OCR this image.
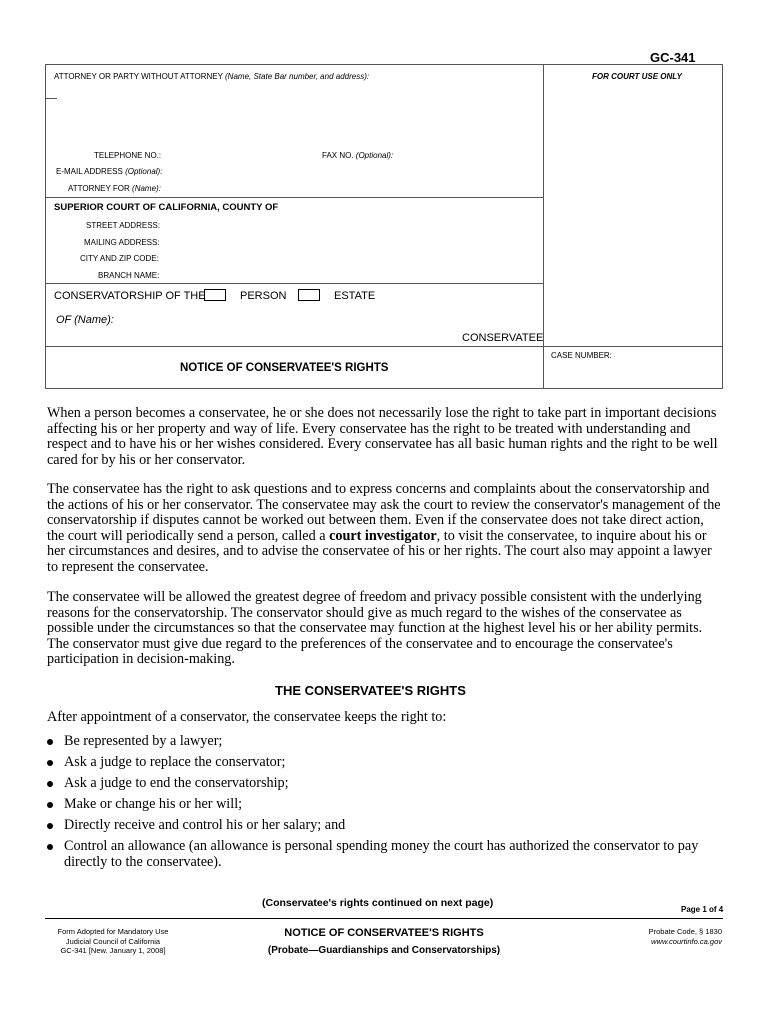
GC-341
ATTORNEY OR PARTY WITHOUT ATTORNEY (Name, State Bar number, and address):	FOR COURT USE ONLY
TELEPHONE NO.:	FAX NO. (Optional):
E-MAIL ADDRESS (Optional):
ATTORNEY FOR (Name):
SUPERIOR COURT OF CALIFORNIA, COUNTY OF
STREET ADDRESS:
MAILING ADDRESS:
CITY AND ZIP CODE:
BRANCH NAME:
CONSERVATORSHIP OF THE	PERSON	ESTATE
OF (Name):
CONSERVATEE
NOTICE OF CONSERVATEE'S RIGHTS
CASE NUMBER:
When a person becomes a conservatee, he or she does not necessarily lose the right to take part in important decisions affecting his or her property and way of life. Every conservatee has the right to be treated with understanding and respect and to have his or her wishes considered. Every conservatee has all basic human rights and the right to be well cared for by his or her conservator.
The conservatee has the right to ask questions and to express concerns and complaints about the conservatorship and the actions of his or her conservator. The conservatee may ask the court to review the conservator's management of the conservatorship if disputes cannot be worked out between them. Even if the conservatee does not take direct action, the court will periodically send a person, called a court investigator, to visit the conservatee, to inquire about his or her circumstances and desires, and to advise the conservatee of his or her rights. The court also may appoint a lawyer to represent the conservatee.
The conservatee will be allowed the greatest degree of freedom and privacy possible consistent with the underlying reasons for the conservatorship. The conservator should give as much regard to the wishes of the conservatee as possible under the circumstances so that the conservatee may function at the highest level his or her ability permits. The conservator must give due regard to the preferences of the conservatee and to encourage the conservatee's participation in decision-making.
THE CONSERVATEE'S RIGHTS
After appointment of a conservator, the conservatee keeps the right to:
Be represented by a lawyer;
Ask a judge to replace the conservator;
Ask a judge to end the conservatorship;
Make or change his or her will;
Directly receive and control his or her salary; and
Control an allowance (an allowance is personal spending money the court has authorized the conservator to pay directly to the conservatee).
(Conservatee's rights continued on next page)
Page 1 of 4
Form Adopted for Mandatory Use
Judicial Council of California
GC-341 [New. January 1, 2008]
NOTICE OF CONSERVATEE'S RIGHTS
(Probate—Guardianships and Conservatorships)
Probate Code, § 1830
www.courtinfo.ca.gov
